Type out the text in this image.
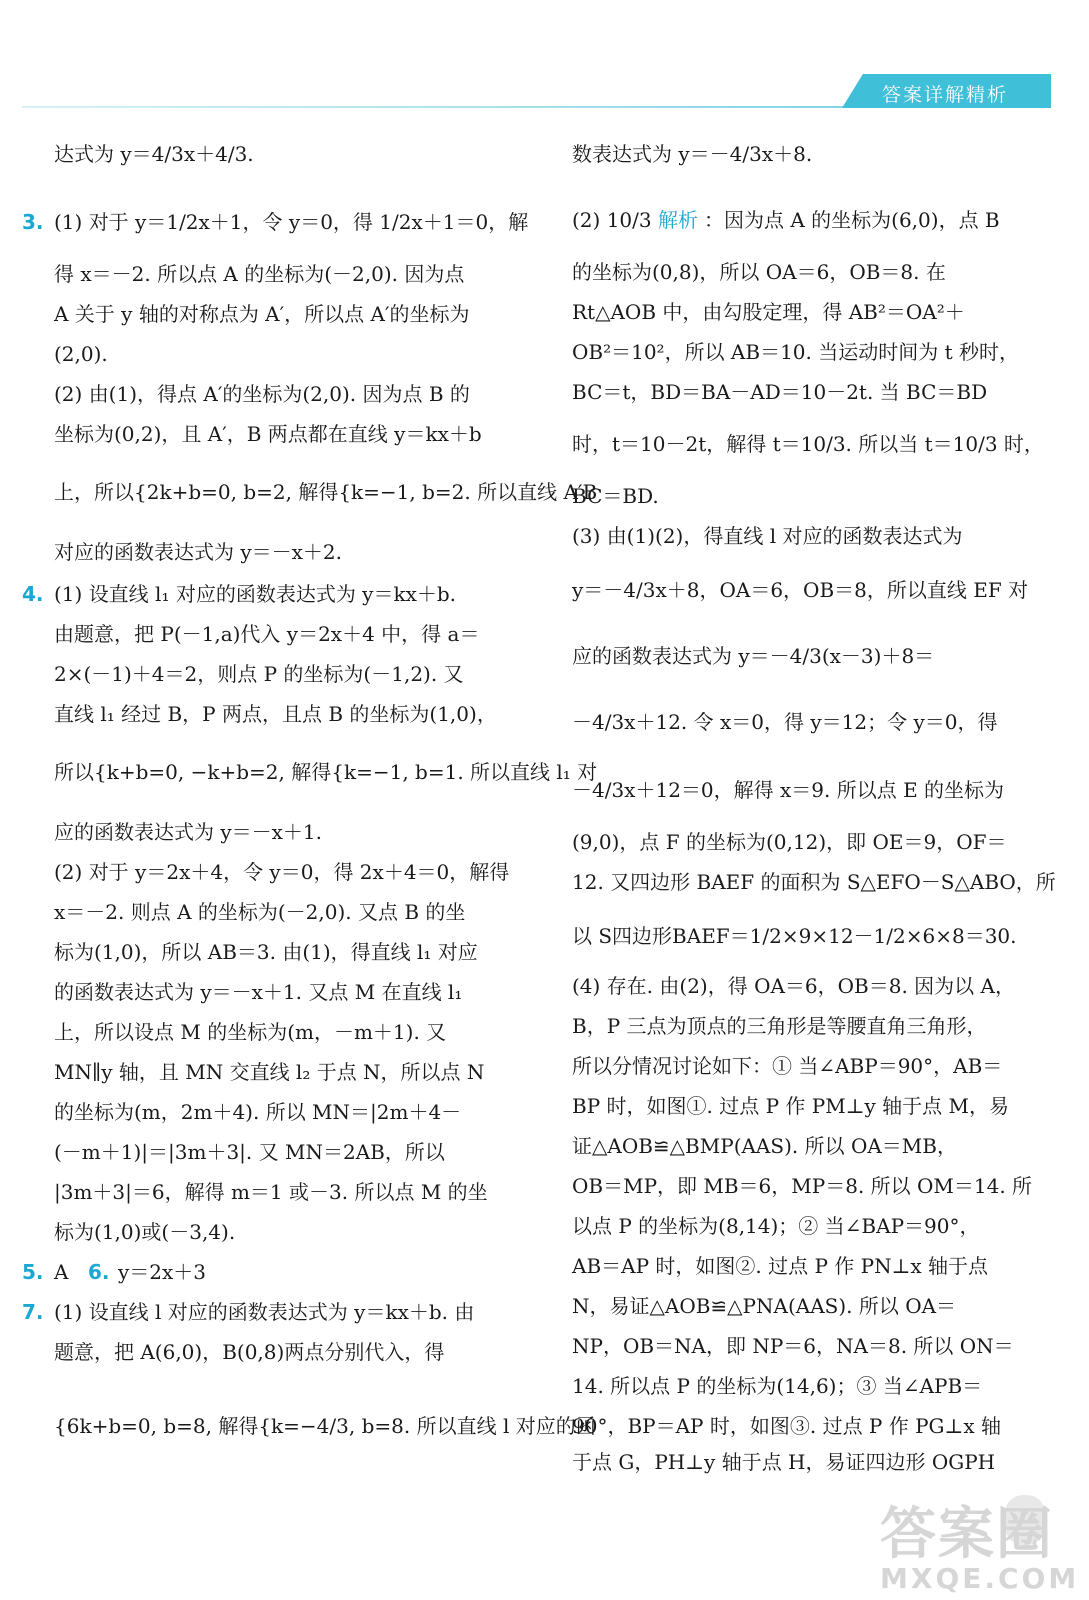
答案详解精析
达式为 y＝4/3x＋4/3.
3. (1) 对于 y＝1/2x＋1，令 y＝0，得 1/2x＋1＝0，解
得 x＝－2. 所以点 A 的坐标为(－2,0). 因为点
A 关于 y 轴的对称点为 A′，所以点 A′的坐标为
(2,0).
(2) 由(1)，得点 A′的坐标为(2,0). 因为点 B 的
坐标为(0,2)，且 A′，B 两点都在直线 y＝kx＋b
上，所以{2k+b=0, b=2, 解得{k=−1, b=2. 所以直线 A′B
对应的函数表达式为 y＝－x＋2.
4. (1) 设直线 l₁ 对应的函数表达式为 y＝kx＋b.
由题意，把 P(－1,a)代入 y＝2x＋4 中，得 a＝
2×(－1)＋4＝2，则点 P 的坐标为(－1,2). 又
直线 l₁ 经过 B，P 两点，且点 B 的坐标为(1,0)，
所以{k+b=0, −k+b=2, 解得{k=−1, b=1. 所以直线 l₁ 对
应的函数表达式为 y＝－x＋1.
(2) 对于 y＝2x＋4，令 y＝0，得 2x＋4＝0，解得
x＝－2. 则点 A 的坐标为(－2,0). 又点 B 的坐
标为(1,0)，所以 AB＝3. 由(1)，得直线 l₁ 对应
的函数表达式为 y＝－x＋1. 又点 M 在直线 l₁
上，所以设点 M 的坐标为(m，－m＋1). 又
MN∥y 轴，且 MN 交直线 l₂ 于点 N，所以点 N
的坐标为(m，2m＋4). 所以 MN＝|2m＋4－
(－m＋1)|＝|3m＋3|. 又 MN＝2AB，所以
|3m＋3|＝6，解得 m＝1 或－3. 所以点 M 的坐
标为(1,0)或(－3,4).
5. A 6. y＝2x＋3
7. (1) 设直线 l 对应的函数表达式为 y＝kx＋b. 由
题意，把 A(6,0)，B(0,8)两点分别代入，得
{6k+b=0, b=8, 解得{k=−4/3, b=8. 所以直线 l 对应的函
数表达式为 y＝－4/3x＋8.
(2) 10/3 解析 ：因为点 A 的坐标为(6,0)，点 B
的坐标为(0,8)，所以 OA＝6，OB＝8. 在
Rt△AOB 中，由勾股定理，得 AB²＝OA²＋
OB²＝10²，所以 AB＝10. 当运动时间为 t 秒时，
BC＝t，BD＝BA－AD＝10－2t. 当 BC＝BD
时，t＝10－2t，解得 t＝10/3. 所以当 t＝10/3 时，
BC＝BD.
(3) 由(1)(2)，得直线 l 对应的函数表达式为
y＝－4/3x＋8，OA＝6，OB＝8，所以直线 EF 对
应的函数表达式为 y＝－4/3(x－3)＋8＝
－4/3x＋12. 令 x＝0，得 y＝12；令 y＝0，得
－4/3x＋12＝0，解得 x＝9. 所以点 E 的坐标为
(9,0)，点 F 的坐标为(0,12)，即 OE＝9，OF＝
12. 又四边形 BAEF 的面积为 S△EFO－S△ABO，所
以 S四边形BAEF＝1/2×9×12－1/2×6×8＝30.
(4) 存在. 由(2)，得 OA＝6，OB＝8. 因为以 A，
B，P 三点为顶点的三角形是等腰直角三角形，
所以分情况讨论如下：① 当∠ABP＝90°，AB＝
BP 时，如图①. 过点 P 作 PM⊥y 轴于点 M，易
证△AOB≌△BMP(AAS). 所以 OA＝MB，
OB＝MP，即 MB＝6，MP＝8. 所以 OM＝14. 所
以点 P 的坐标为(8,14)；② 当∠BAP＝90°，
AB＝AP 时，如图②. 过点 P 作 PN⊥x 轴于点
N，易证△AOB≌△PNA(AAS). 所以 OA＝
NP，OB＝NA，即 NP＝6，NA＝8. 所以 ON＝
14. 所以点 P 的坐标为(14,6)；③ 当∠APB＝
90°，BP＝AP 时，如图③. 过点 P 作 PG⊥x 轴
于点 G，PH⊥y 轴于点 H，易证四边形 OGPH
答案圈
MXQE.COM
